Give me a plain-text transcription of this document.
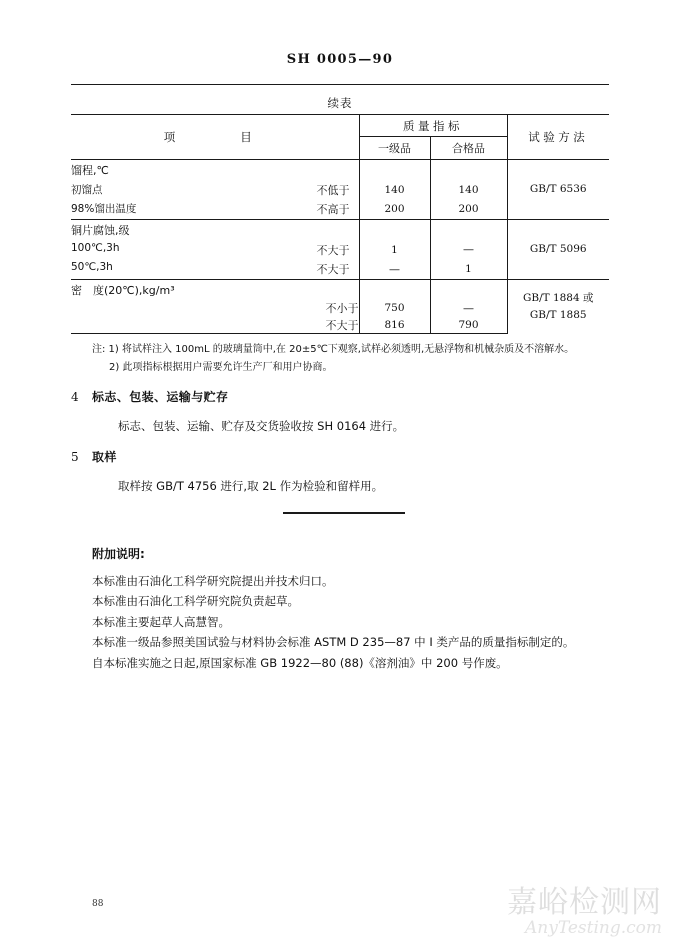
SH 0005—90
续表
项　　目	质量指标		试验方法
	一级品	合格品	
馏程,℃			GB/T 6536
初馏点 不低于	140	140	
98%馏出温度 不高于	200	200	
铜片腐蚀,级			GB/T 5096
100℃,3h 不大于	1	—	
50℃,3h 不大于	—	1	
密　度(20℃),kg/m³			GB/T 1884 或
GB/T 1885
不小于	750	—	
不大于	816	790	
注: 1) 将试样注入 100mL 的玻璃量筒中,在 20±5℃下观察,试样必须透明,无悬浮物和机械杂质及不溶解水。
2) 此项指标根据用户需要允许生产厂和用户协商。
4 标志、包装、运输与贮存
标志、包装、运输、贮存及交货验收按 SH 0164 进行。
5 取样
取样按 GB/T 4756 进行,取 2L 作为检验和留样用。
附加说明:
本标准由石油化工科学研究院提出并技术归口。
本标准由石油化工科学研究院负责起草。
本标准主要起草人高慧智。
本标准一级品参照美国试验与材料协会标准 ASTM D 235—87 中 I 类产品的质量指标制定的。
自本标准实施之日起,原国家标准 GB 1922—80 (88)《溶剂油》中 200 号作废。
88	嘉峪检测网
AnyTesting.com
